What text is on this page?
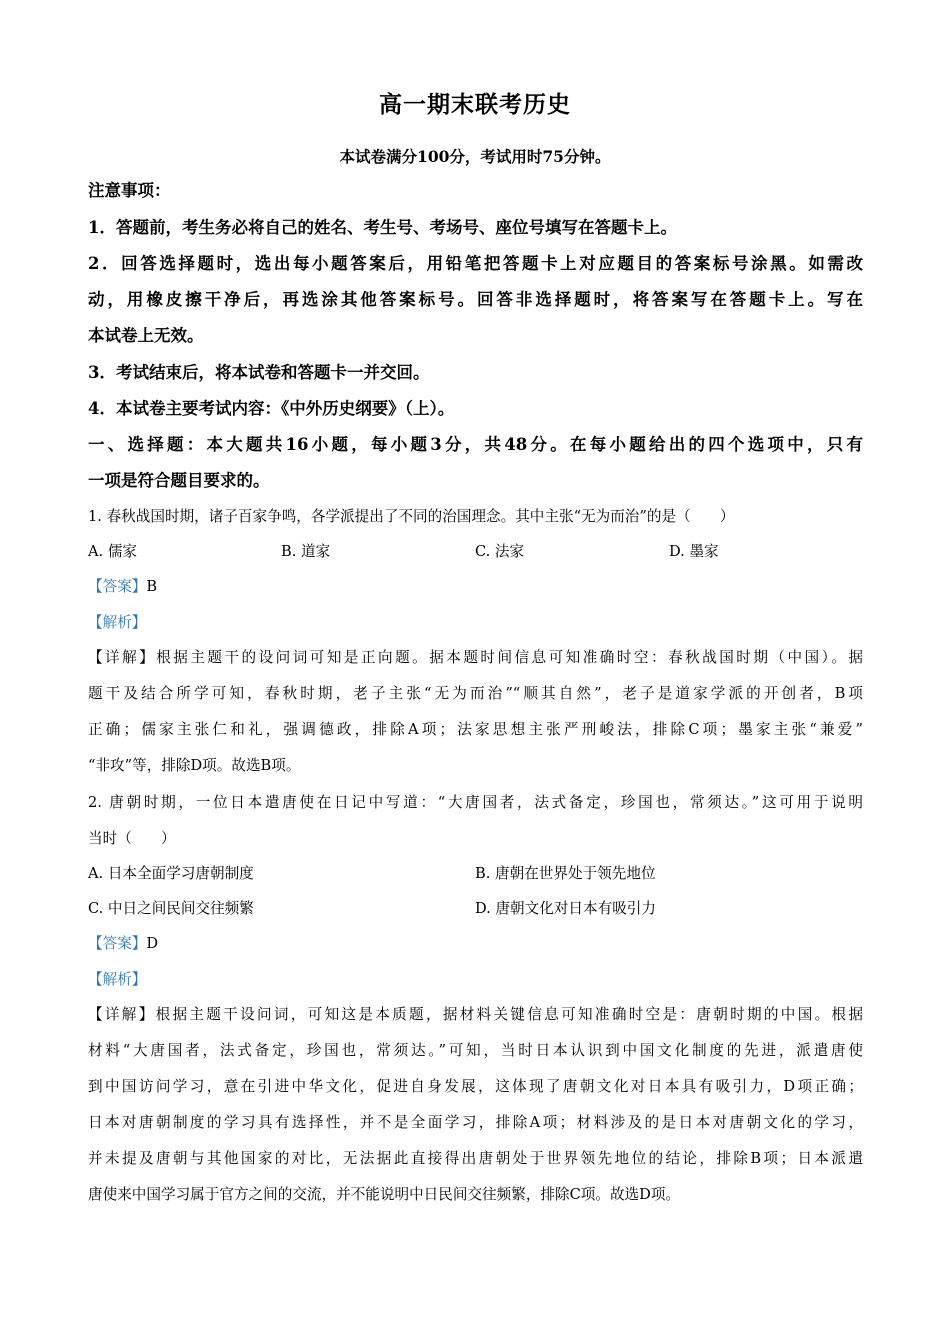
高一期末联考历史
本试卷满分100分，考试用时75分钟。
注意事项：
1．答题前，考生务必将自己的姓名、考生号、考场号、座位号填写在答题卡上。
2．回答选择题时，选出每小题答案后，用铅笔把答题卡上对应题目的答案标号涂黑。如需改
动，用橡皮擦干净后，再选涂其他答案标号。回答非选择题时，将答案写在答题卡上。写在
本试卷上无效。
3．考试结束后，将本试卷和答题卡一并交回。
4．本试卷主要考试内容：《中外历史纲要》（上）。
一、选择题：本大题共16小题，每小题3分，共48分。在每小题给出的四个选项中，只有
一项是符合题目要求的。
1. 春秋战国时期，诸子百家争鸣，各学派提出了不同的治国理念。其中主张“无为而治”的是（　　）
A. 儒家	B. 道家	C. 法家	D. 墨家
【答案】B
【解析】
【详解】根据主题干的设问词可知是正向题。据本题时间信息可知准确时空：春秋战国时期（中国）。据
题干及结合所学可知，春秋时期，老子主张“无为而治”“顺其自然”，老子是道家学派的开创者，B项
正确；儒家主张仁和礼，强调德政，排除A项；法家思想主张严刑峻法，排除C项；墨家主张“兼爱”
“非攻”等，排除D项。故选B项。
2. 唐朝时期，一位日本遣唐使在日记中写道：“大唐国者，法式备定，珍国也，常须达。”这可用于说明
当时（　　）
A. 日本全面学习唐朝制度	B. 唐朝在世界处于领先地位
C. 中日之间民间交往频繁	D. 唐朝文化对日本有吸引力
【答案】D
【解析】
【详解】根据主题干设问词，可知这是本质题，据材料关键信息可知准确时空是：唐朝时期的中国。根据
材料“大唐国者，法式备定，珍国也，常须达。”可知，当时日本认识到中国文化制度的先进，派遣唐使
到中国访问学习，意在引进中华文化，促进自身发展，这体现了唐朝文化对日本具有吸引力，D项正确；
日本对唐朝制度的学习具有选择性，并不是全面学习，排除A项；材料涉及的是日本对唐朝文化的学习，
并未提及唐朝与其他国家的对比，无法据此直接得出唐朝处于世界领先地位的结论，排除B项；日本派遣
唐使来中国学习属于官方之间的交流，并不能说明中日民间交往频繁，排除C项。故选D项。
